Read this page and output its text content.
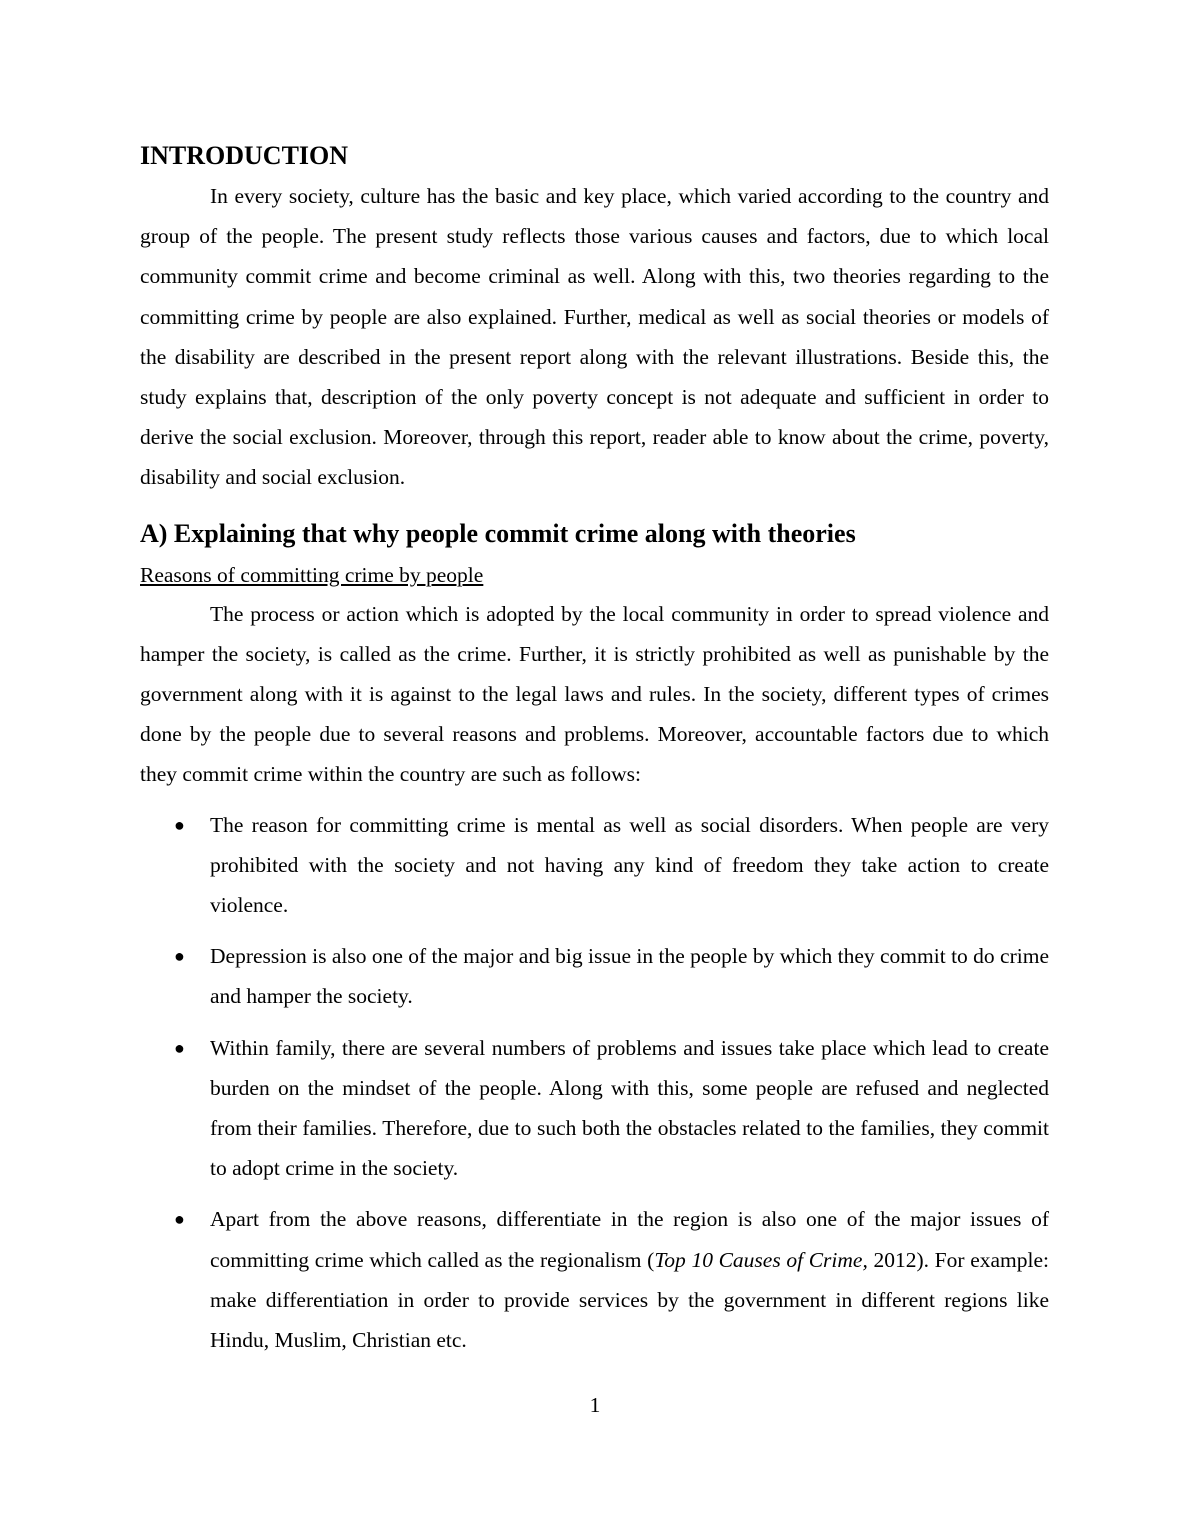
INTRODUCTION

In every society, culture has the basic and key place, which varied according to the country and group of the people. The present study reflects those various causes and factors, due to which local community commit crime and become criminal as well. Along with this, two theories regarding to the committing crime by people are also explained. Further, medical as well as social theories or models of the disability are described in the present report along with the relevant illustrations. Beside this, the study explains that, description of the only poverty concept is not adequate and sufficient in order to derive the social exclusion. Moreover, through this report, reader able to know about the crime, poverty, disability and social exclusion.

A) Explaining that why people commit crime along with theories
Reasons of committing crime by people

The process or action which is adopted by the local community in order to spread violence and hamper the society, is called as the crime. Further, it is strictly prohibited as well as punishable by the government along with it is against to the legal laws and rules. In the society, different types of crimes done by the people due to several reasons and problems. Moreover, accountable factors due to which they commit crime within the country are such as follows:

● The reason for committing crime is mental as well as social disorders. When people are very prohibited with the society and not having any kind of freedom they take action to create violence.
● Depression is also one of the major and big issue in the people by which they commit to do crime and hamper the society.
● Within family, there are several numbers of problems and issues take place which lead to create burden on the mindset of the people. Along with this, some people are refused and neglected from their families. Therefore, due to such both the obstacles related to the families, they commit to adopt crime in the society.
● Apart from the above reasons, differentiate in the region is also one of the major issues of committing crime which called as the regionalism (Top 10 Causes of Crime, 2012). For example: make differentiation in order to provide services by the government in different regions like Hindu, Muslim, Christian etc.
1
